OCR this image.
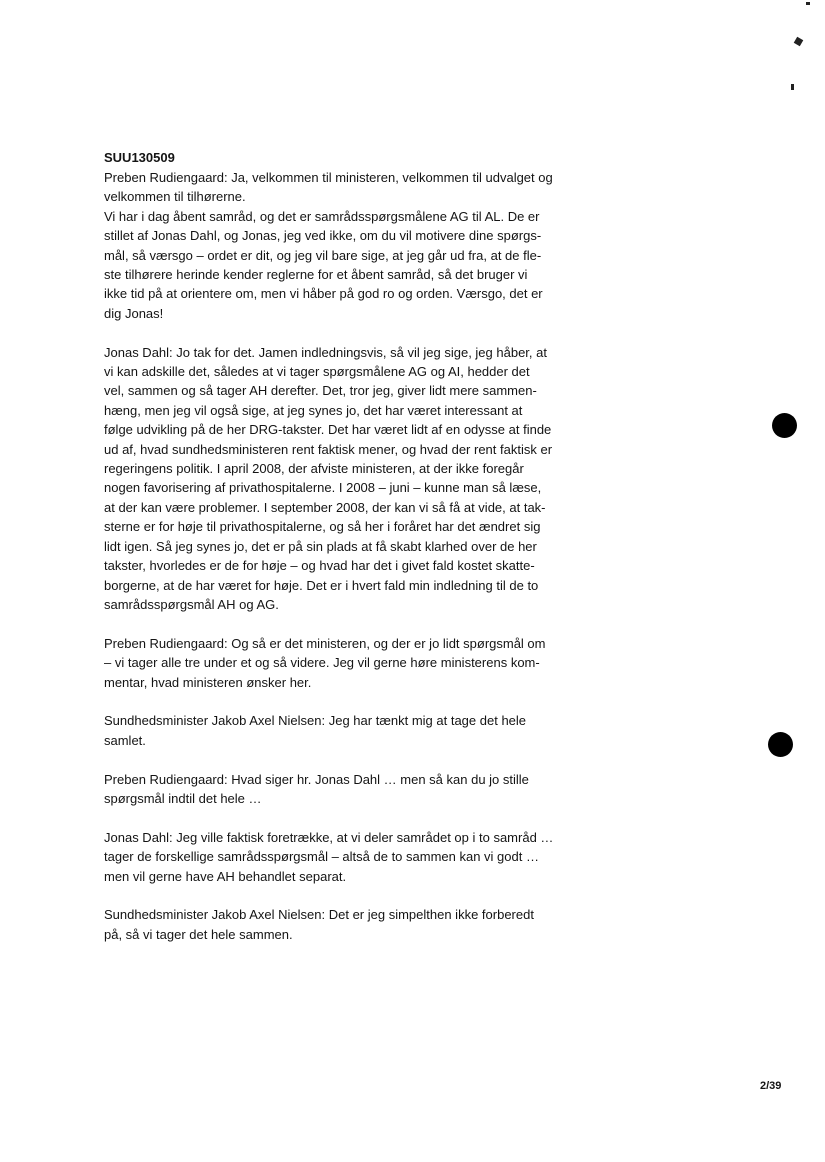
SUU130509

Preben Rudiengaard: Ja, velkommen til ministeren, velkommen til udvalget og
velkommen til tilhørerne.
Vi har i dag åbent samråd, og det er samrådsspørgsmålene AG til AL. De er
stillet af Jonas Dahl, og Jonas, jeg ved ikke, om du vil motivere dine spørgs-
mål, så værsgo – ordet er dit, og jeg vil bare sige, at jeg går ud fra, at de fle-
ste tilhørere herinde kender reglerne for et åbent samråd, så det bruger vi
ikke tid på at orientere om, men vi håber på god ro og orden. Værsgo, det er
dig Jonas!

Jonas Dahl: Jo tak for det. Jamen indledningsvis, så vil jeg sige, jeg håber, at
vi kan adskille det, således at vi tager spørgsmålene AG og AI, hedder det
vel, sammen og så tager AH derefter. Det, tror jeg, giver lidt mere sammen-
hæng, men jeg vil også sige, at jeg synes jo, det har været interessant at
følge udvikling på de her DRG-takster. Det har været lidt af en odysse at finde
ud af, hvad sundhedsministeren rent faktisk mener, og hvad der rent faktisk er
regeringens politik. I april 2008, der afviste ministeren, at der ikke foregår
nogen favorisering af privathospitalerne. I 2008 – juni – kunne man så læse,
at der kan være problemer. I september 2008, der kan vi så få at vide, at tak-
sterne er for høje til privathospitalerne, og så her i foråret har det ændret sig
lidt igen. Så jeg synes jo, det er på sin plads at få skabt klarhed over de her
takster, hvorledes er de for høje – og hvad har det i givet fald kostet skatte-
borgerne, at de har været for høje. Det er i hvert fald min indledning til de to
samrådsspørgsmål AH og AG.

Preben Rudiengaard: Og så er det ministeren, og der er jo lidt spørgsmål om
– vi tager alle tre under et og så videre. Jeg vil gerne høre ministerens kom-
mentar, hvad ministeren ønsker her.

Sundhedsminister Jakob Axel Nielsen: Jeg har tænkt mig at tage det hele
samlet.

Preben Rudiengaard: Hvad siger hr. Jonas Dahl … men så kan du jo stille
spørgsmål indtil det hele …

Jonas Dahl: Jeg ville faktisk foretrække, at vi deler samrådet op i to samråd …
tager de forskellige samrådsspørgsmål – altså de to sammen kan vi godt …
men vil gerne have AH behandlet separat.

Sundhedsminister Jakob Axel Nielsen: Det er jeg simpelthen ikke forberedt
på, så vi tager det hele sammen.

2/39
